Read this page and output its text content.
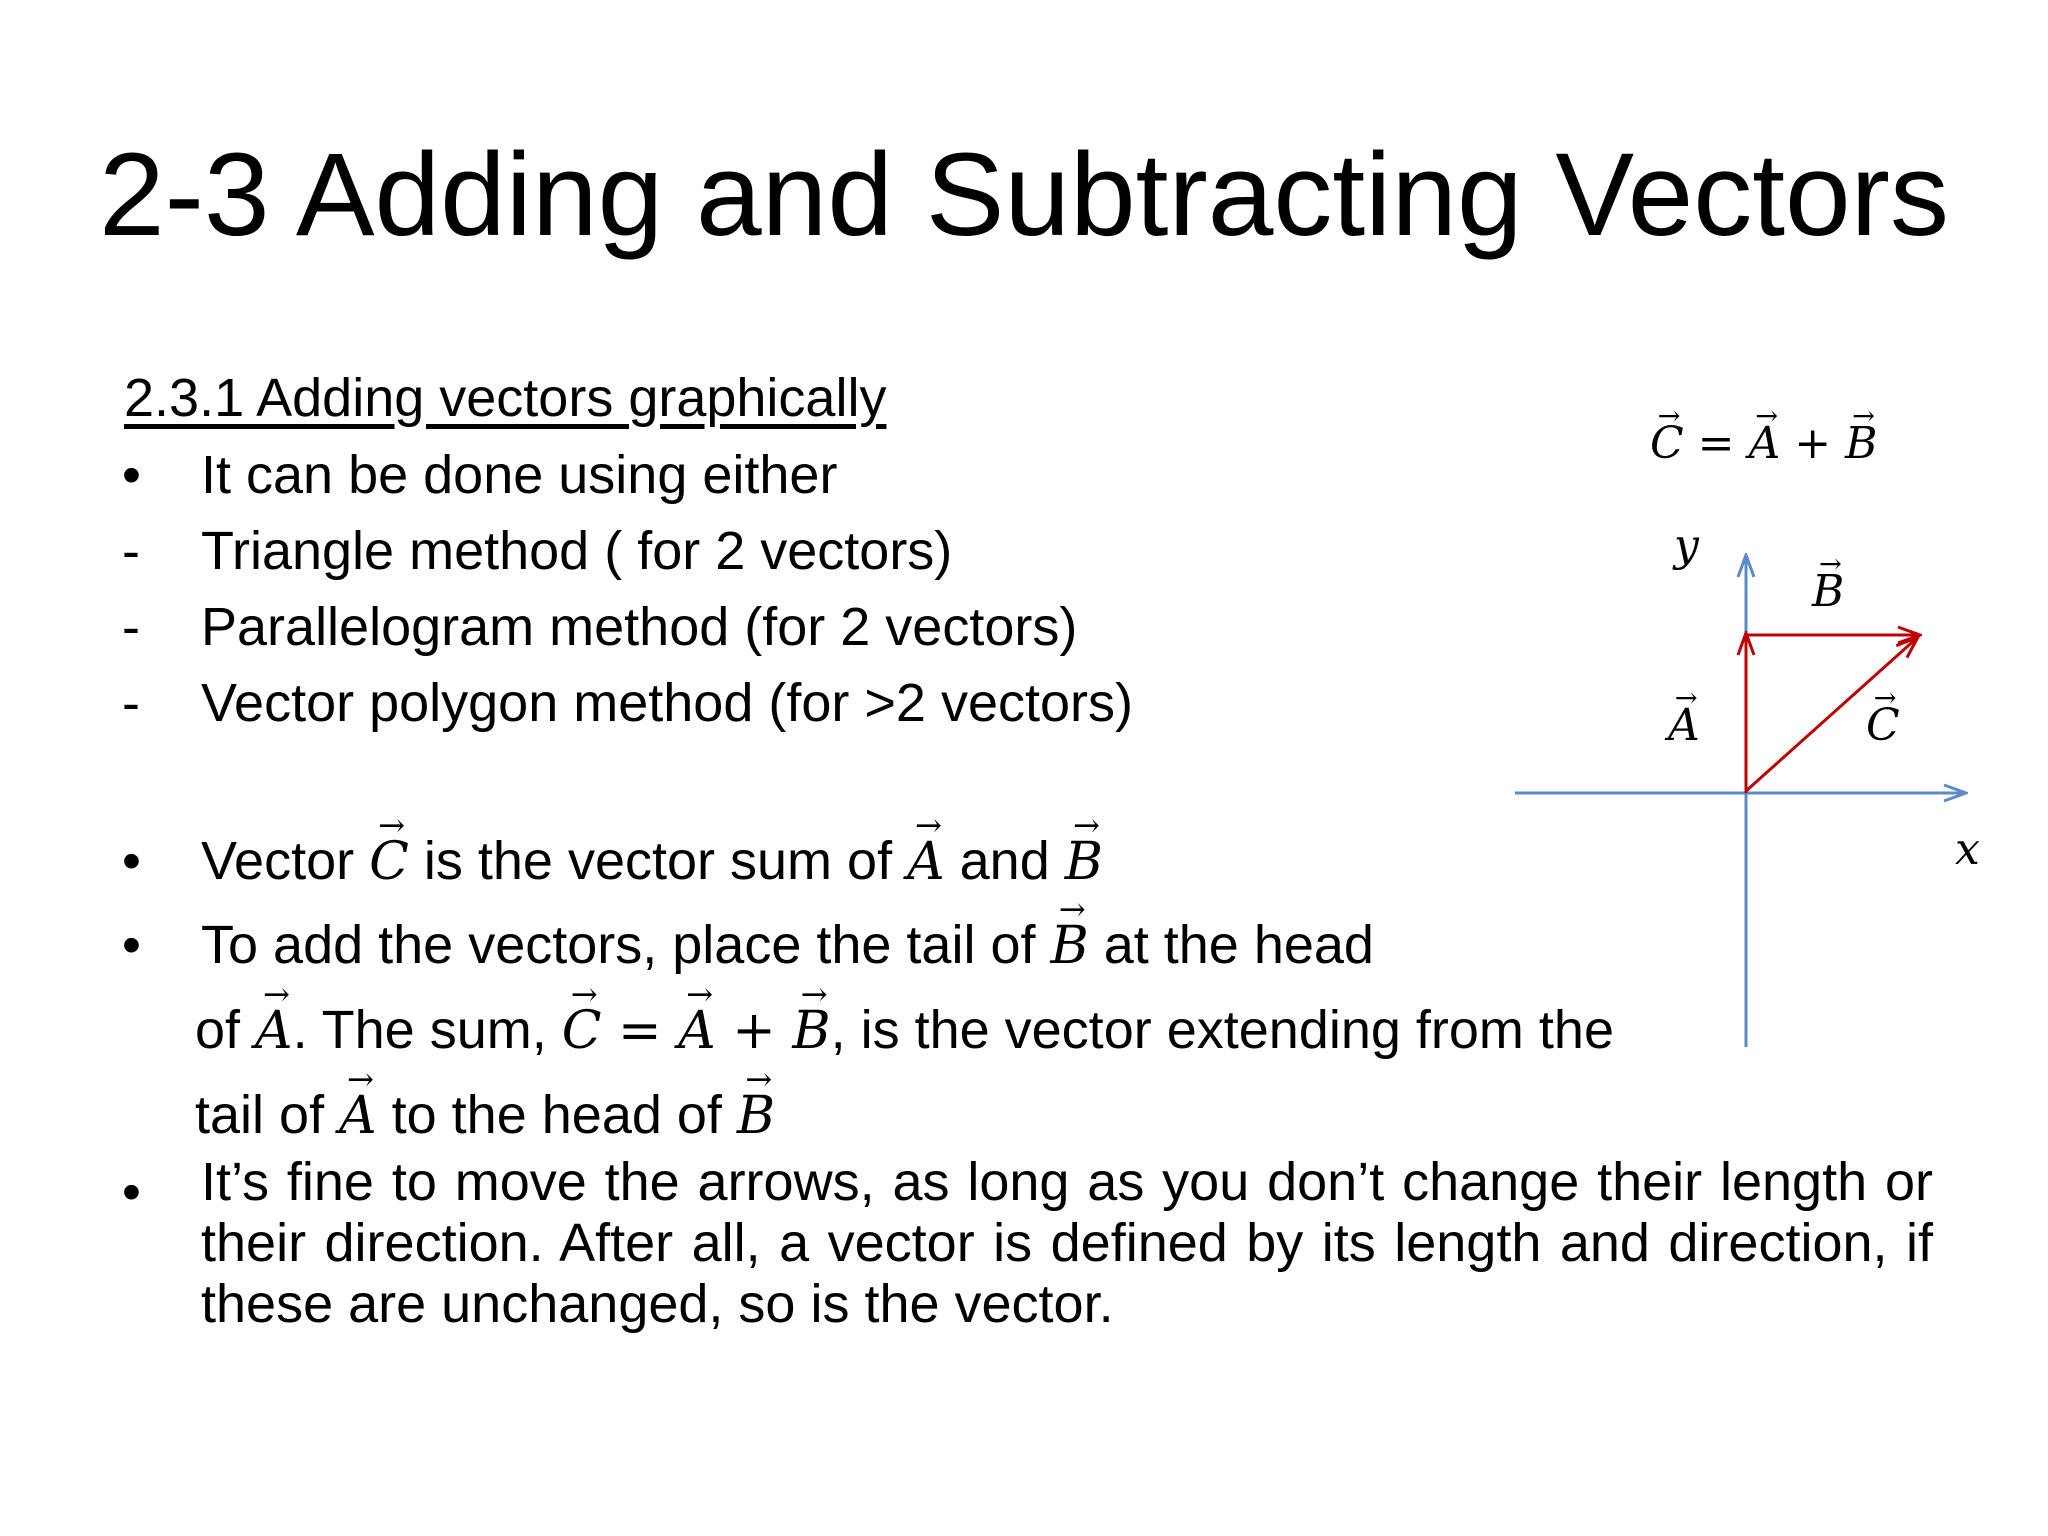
2-3 Adding and Subtracting Vectors
2.3.1 Adding vectors graphically
•	It can be done using either
-	Triangle method ( for 2 vectors)
-	Parallelogram method (for 2 vectors)
-	Vector polygon method (for >2 vectors)
•	Vector → C is the vector sum of → A and → B
•	To add the vectors, place the tail of → B at the head
of → A. The sum, → C = → A + → B, is the vector extending from the
tail of → A to the head of → B
•	It’s fine to move the arrows, as long as you don’t change their length or their direction. After all, a vector is defined by its length and direction, if these are unchanged, so is the vector.
→ C = → A + → B
y
x
→ A
→ B
→ C
